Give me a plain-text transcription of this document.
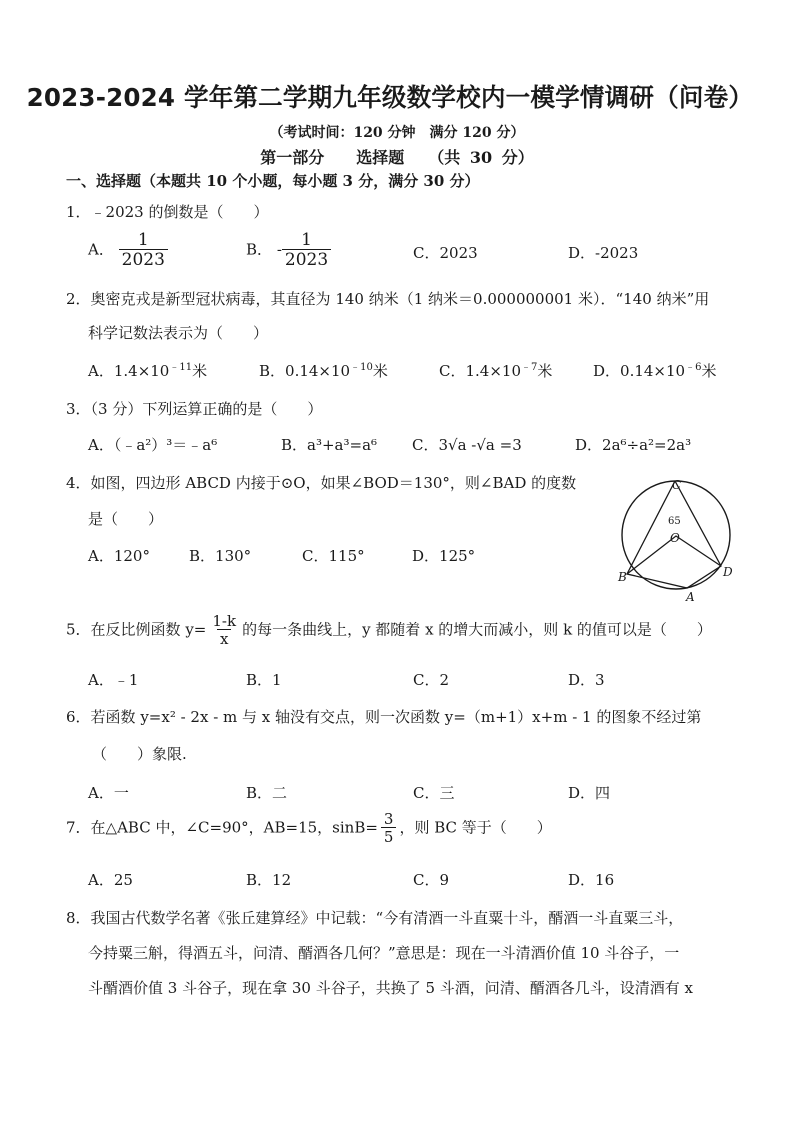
2023-2024 学年第二学期九年级数学校内一模学情调研（问卷）
（考试时间：120 分钟　满分 120 分）
第一部分　　选择题　　（共 30 分）
一、选择题（本题共 10 个小题，每小题 3 分，满分 30 分）
1．﹣2023 的倒数是（　　）
A． $\frac{1}{2023}$	B． - $\frac{1}{2023}$	C．2023	D．-2023
2．奥密克戎是新型冠状病毒，其直径为 140 纳米（1 纳米＝0.000000001 米）．“140 纳米”用
科学记数法表示为（　　）
A．$1.4\times 10^{﹣11}$米	B．$0.14\times 10^{﹣10}$米	C．$1.4\times 10^{﹣7}$米	D．$0.14\times 10^{﹣6}$米
3．（3 分）下列运算正确的是（　　）
A．（﹣a²）³＝﹣a⁶	B．a³+a³=a⁶ C．3√a -√a =3	D．2a⁶÷a²=2a³
4．如图，四边形 ABCD 内接于⊙O，如果∠BOD＝130°，则∠BAD 的度数
是（　　）
A．120°	B．130°	C．115°	D．125°
C
65
O
B	D
A
5．在反比例函数 $y= \frac{1-k}{x}$ 的每一条曲线上，y 都随着 x 的增大而减小，则 k 的值可以是（　　）
A．﹣1	B．1	C．2	D．3
6．若函数 y=x² - 2x - m 与 x 轴没有交点，则一次函数 y=（m+1）x+m - 1 的图象不经过第
（　　）象限.
A．一	B．二	C．三	D．四
7．在△ABC 中，∠C=90°，AB=15，$\sin B= \frac{3}{5}$ ，则 BC 等于（　　）
A．25	B．12	C．9	D．16
8．我国古代数学名著《张丘建算经》中记载：“今有清酒一斗直粟十斗，醑酒一斗直粟三斗，
今持粟三斛，得酒五斗，问清、醑酒各几何？”意思是：现在一斗清酒价值 10 斗谷子，一
斗醑酒价值 3 斗谷子，现在拿 30 斗谷子，共换了 5 斗酒，问清、醑酒各几斗，设清酒有 x
